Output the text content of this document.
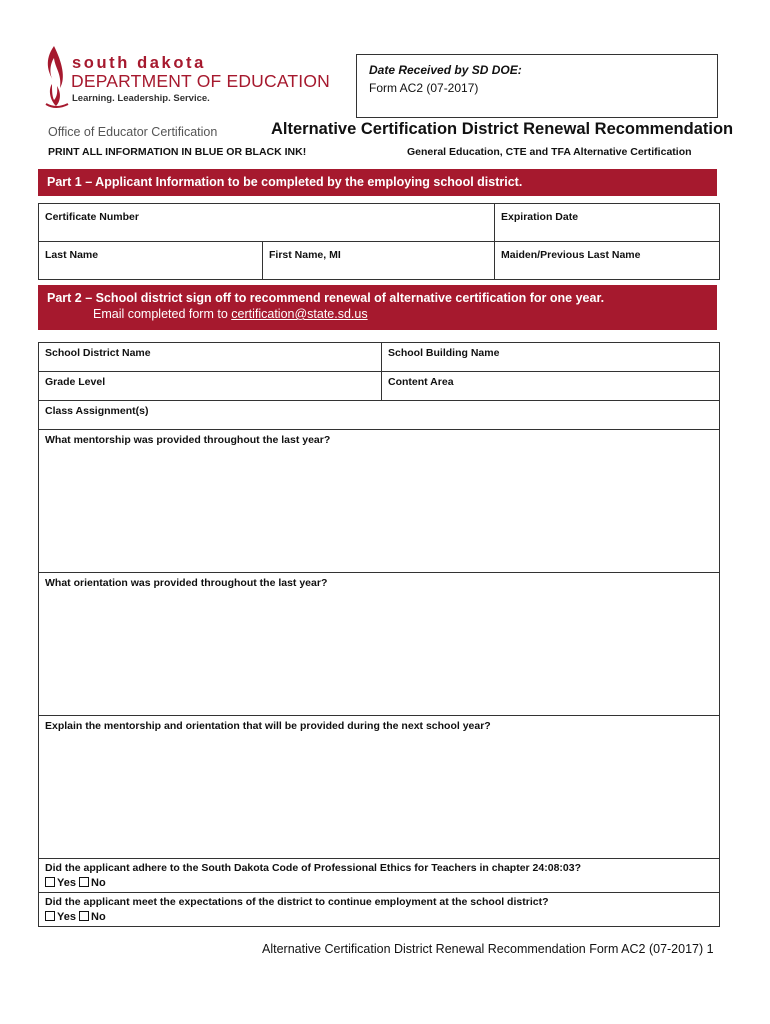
south dakota
DEPARTMENT OF EDUCATION
Learning. Leadership. Service.
Date Received by SD DOE:
Form AC2 (07-2017)
Office of Educator Certification
PRINT ALL INFORMATION IN BLUE OR BLACK INK!
Alternative Certification District Renewal Recommendation
General Education, CTE and TFA Alternative Certification
Part 1 – Applicant Information to be completed by the employing school district.
Certificate Number		Expiration Date
Last Name	First Name, MI	Maiden/Previous Last Name
Part 2 – School district sign off to recommend renewal of alternative certification for one year.
Email completed form to certification@state.sd.us
School District Name	School Building Name
Grade Level	Content Area
Class Assignment(s)	
What mentorship was provided throughout the last year?	
What orientation was provided throughout the last year?	
Explain the mentorship and orientation that will be provided during the next school year?	
Did the applicant adhere to the South Dakota Code of Professional Ethics for Teachers in chapter 24:08:03?
Yes No	

Did the applicant meet the expectations of the district to continue employment at the school district?
Yes No	
Alternative Certification District Renewal Recommendation Form AC2 (07-2017) 1
